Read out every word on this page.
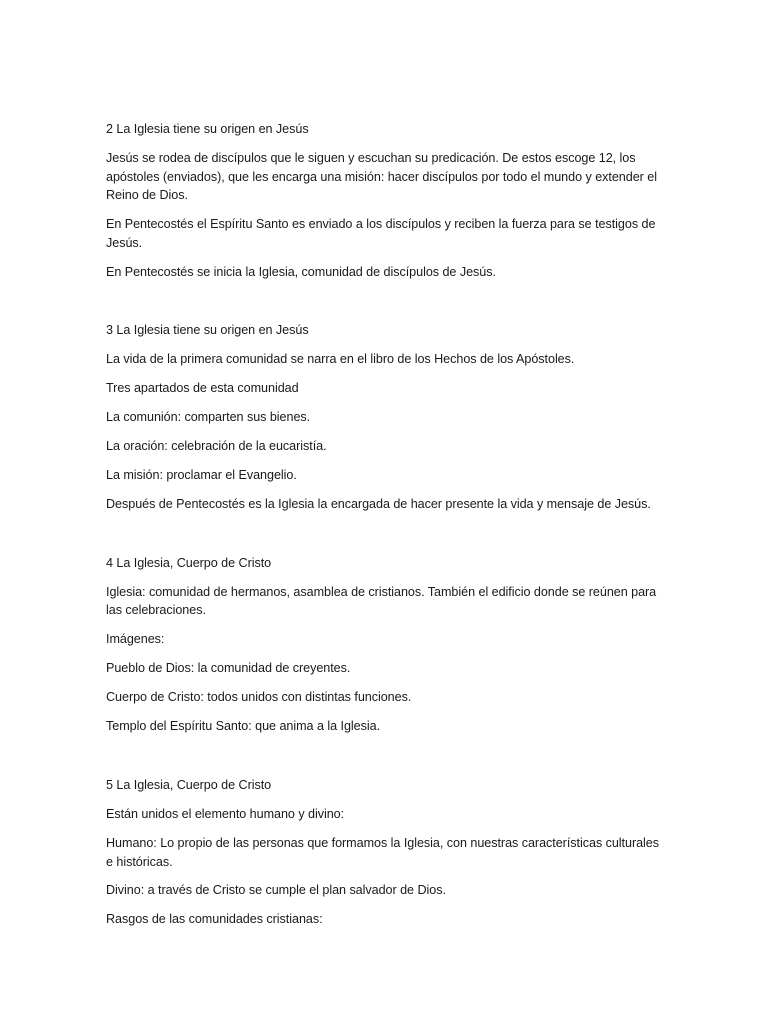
2 La Iglesia tiene su origen en Jesús

Jesús se rodea de discípulos que le siguen y escuchan su predicación. De estos escoge 12, los apóstoles (enviados), que les encarga una misión: hacer discípulos por todo el mundo y extender el Reino de Dios.

En Pentecostés el Espíritu Santo es enviado a los discípulos y reciben la fuerza para se testigos de Jesús.

En Pentecostés se inicia la Iglesia, comunidad de discípulos de Jesús.

3 La Iglesia tiene su origen en Jesús

La vida de la primera comunidad se narra en el libro de los Hechos de los Apóstoles.

Tres apartados de esta comunidad

La comunión: comparten sus bienes.

La oración: celebración de la eucaristía.

La misión: proclamar el Evangelio.

Después de Pentecostés es la Iglesia la encargada de hacer presente la vida y mensaje de Jesús.

4 La Iglesia, Cuerpo de Cristo

Iglesia: comunidad de hermanos, asamblea de cristianos. También el edificio donde se reúnen para las celebraciones.

Imágenes:

Pueblo de Dios: la comunidad de creyentes.

Cuerpo de Cristo: todos unidos con distintas funciones.

Templo del Espíritu Santo: que anima a la Iglesia.

5 La Iglesia, Cuerpo de Cristo

Están unidos el elemento humano y divino:

Humano: Lo propio de las personas que formamos la Iglesia, con nuestras características culturales e históricas.

Divino: a través de Cristo se cumple el plan salvador de Dios.

Rasgos de las comunidades cristianas:
